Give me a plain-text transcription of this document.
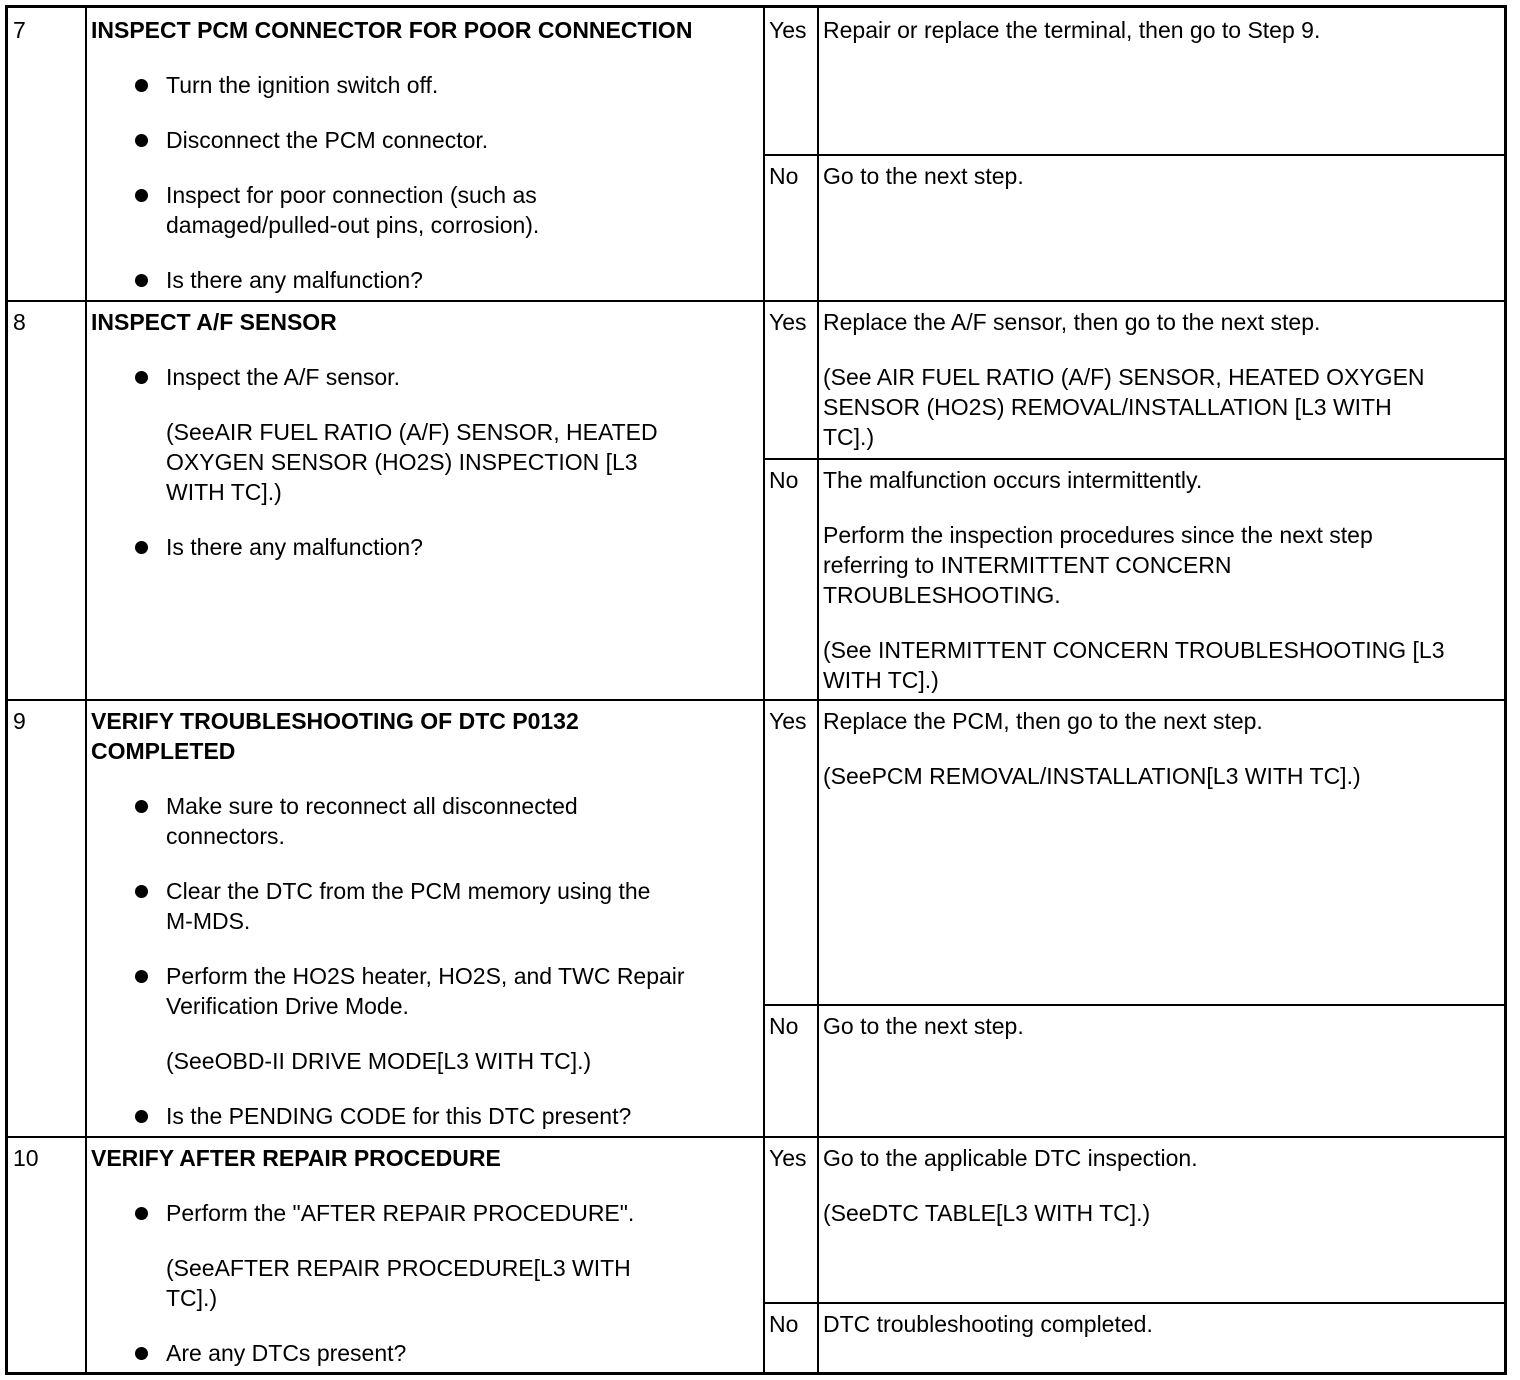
7	INSPECT PCM CONNECTOR FOR POOR CONNECTION
Turn the ignition switch off.
Disconnect the PCM connector.
Inspect for poor connection (such as
damaged/pulled-out pins, corrosion).
Is there any malfunction?
Yes Repair or replace the terminal, then go to Step 9.
No Go to the next step.
8	INSPECT A/F SENSOR
Inspect the A/F sensor.
(SeeAIR FUEL RATIO (A/F) SENSOR, HEATED
OXYGEN SENSOR (HO2S) INSPECTION [L3
WITH TC].)
Is there any malfunction?
Yes Replace the A/F sensor, then go to the next step.
(See AIR FUEL RATIO (A/F) SENSOR, HEATED OXYGEN
SENSOR (HO2S) REMOVAL/INSTALLATION [L3 WITH
TC].)
No The malfunction occurs intermittently.
Perform the inspection procedures since the next step
referring to INTERMITTENT CONCERN
TROUBLESHOOTING.
(See INTERMITTENT CONCERN TROUBLESHOOTING [L3
WITH TC].)
9	VERIFY TROUBLESHOOTING OF DTC P0132
COMPLETED
Make sure to reconnect all disconnected
connectors.
Clear the DTC from the PCM memory using the
M-MDS.
Perform the HO2S heater, HO2S, and TWC Repair
Verification Drive Mode.
(SeeOBD-II DRIVE MODE[L3 WITH TC].)
Is the PENDING CODE for this DTC present?
Yes Replace the PCM, then go to the next step.
(SeePCM REMOVAL/INSTALLATION[L3 WITH TC].)
No Go to the next step.
10 VERIFY AFTER REPAIR PROCEDURE
Perform the "AFTER REPAIR PROCEDURE".
(SeeAFTER REPAIR PROCEDURE[L3 WITH
TC].)
Are any DTCs present?
Yes Go to the applicable DTC inspection.
(SeeDTC TABLE[L3 WITH TC].)
No DTC troubleshooting completed.
